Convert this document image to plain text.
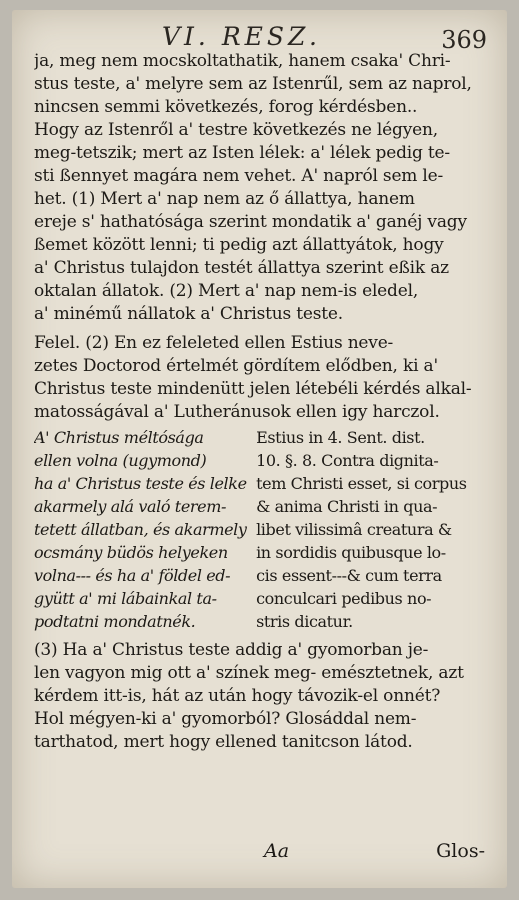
VI. RESZ.	369
ja, meg nem mocskoltathatik, hanem csaka' Chri-
stus teste, a' melyre sem az Istenrűl, sem az naprol,
nincsen semmi következés, forog kérdésben..
Hogy az Istenről a' testre következés ne légyen,
meg-tetszik; mert az Isten lélek: a' lélek pedig te-
sti ßennyet magára nem vehet. A' napról sem le-
het. (1) Mert a' nap nem az ő állattya, hanem
ereje s' hathatósága szerint mondatik a' ganéj vagy
ßemet között lenni; ti pedig azt állattyátok, hogy
a' Christus tulajdon testét állattya szerint eßik az
oktalan állatok. (2) Mert a' nap nem-is eledel,
a' minémű nállatok a' Christus teste.
Felel. (2) En ez feleleted ellen Estius neve-
zetes Doctorod értelmét gördítem elődben, ki a'
Christus teste mindenütt jelen létebéli kérdés alkal-
matosságával a' Lutheránusok ellen igy harczol.
A' Christus méltósága
ellen volna (ugymond)
ha a' Christus teste és lelke
akarmely alá való terem-
tetett állatban, és akarmely
ocsmány büdös helyeken
volna--- és ha a' földel ed-
gyütt a' mi lábainkal ta-
podtatni mondatnék.
Estius in 4. Sent. dist.
10. §. 8. Contra dignita-
tem Christi esset, si corpus
& anima Christi in qua-
libet vilissimâ creatura &
in sordidis quibusque lo-
cis essent---& cum terra
conculcari pedibus no-
stris dicatur.
(3) Ha a' Christus teste addig a' gyomorban je-
len vagyon mig ott a' színek meg- emésztetnek, azt
kérdem itt-is, hát az után hogy távozik-el onnét?
Hol mégyen-ki a' gyomorból? Glosáddal nem-
tarthatod, mert hogy ellened tanitcson látod.
Aa	Glos-
